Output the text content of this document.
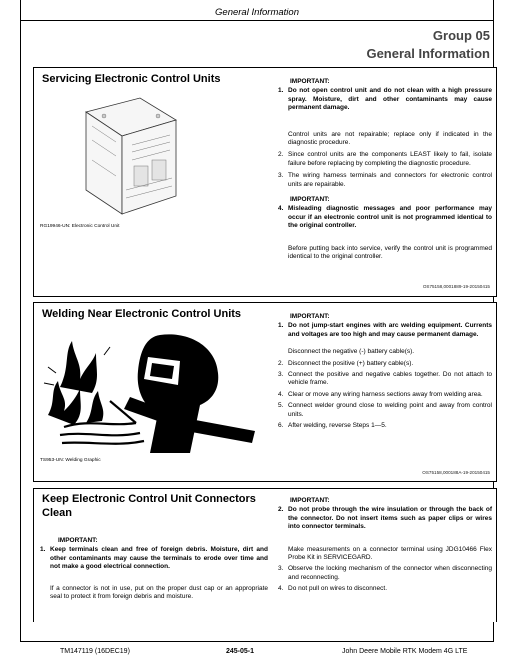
General Information
Group 05
General Information
Servicing Electronic Control Units
RG19946-UN: Electronic Control Unit
IMPORTANT:
1. Do not open control unit and do not clean with a high pressure spray. Moisture, dirt and other contaminants may cause permanent damage.
Control units are not repairable; replace only if indicated in the diagnostic procedure.
2. Since control units are the components LEAST likely to fail, isolate failure before replacing by completing the diagnostic procedure.
3. The wiring harness terminals and connectors for electronic control units are repairable.
IMPORTANT:
4. Misleading diagnostic messages and poor performance may occur if an electronic control unit is not programmed identical to the original controller.
Before putting back into service, verify the control unit is programmed identical to the original controller.
OS75158,0001889-19-20150415
Welding Near Electronic Control Units
TS953-UN: Welding Graphic
IMPORTANT:
1. Do not jump-start engines with arc welding equipment. Currents and voltages are too high and may cause permanent damage.
Disconnect the negative (-) battery cable(s).
2. Disconnect the positive (+) battery cable(s).
3. Connect the positive and negative cables together. Do not attach to vehicle frame.
4. Clear or move any wiring harness sections away from welding area.
5. Connect welder ground close to welding point and away from control units.
6. After welding, reverse Steps 1—5.
OS75158,000188A-19-20150415
Keep Electronic Control Unit Connectors Clean
IMPORTANT:
1. Keep terminals clean and free of foreign debris. Moisture, dirt and other contaminants may cause the terminals to erode over time and not make a good electrical connection.
If a connector is not in use, put on the proper dust cap or an appropriate seal to protect it from foreign debris and moisture.
IMPORTANT:
2. Do not probe through the wire insulation or through the back of the connector. Do not insert items such as paper clips or wires into connector terminals.
Make measurements on a connector terminal using JDG10466 Flex Probe Kit in SERVICEGARD.
3. Observe the locking mechanism of the connector when disconnecting and reconnecting.
4. Do not pull on wires to disconnect.
TM147119 (16DEC19)	245-05-1	John Deere Mobile RTK Modem 4G LTE
